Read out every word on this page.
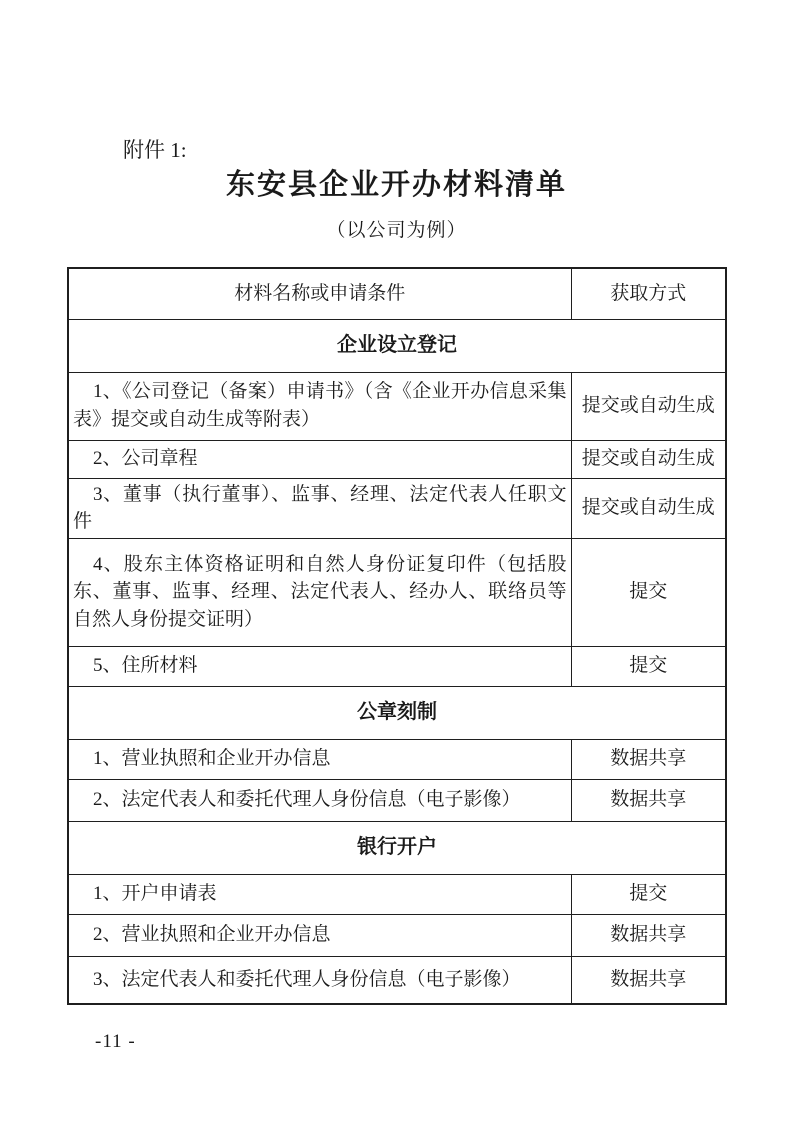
附件 1:
东安县企业开办材料清单
（以公司为例）
材料名称或申请条件	获取方式
企业设立登记	
1、《公司登记（备案）申请书》（含《企业开办信息采集表》提交或自动生成等附表）	提交或自动生成
2、公司章程	提交或自动生成
3、董事（执行董事）、监事、经理、法定代表人任职文件	提交或自动生成
4、股东主体资格证明和自然人身份证复印件（包括股东、董事、监事、经理、法定代表人、经办人、联络员等自然人身份提交证明）	提交
5、住所材料	提交
公章刻制	
1、营业执照和企业开办信息	数据共享
2、法定代表人和委托代理人身份信息（电子影像）	数据共享
银行开户	
1、开户申请表	提交
2、营业执照和企业开办信息	数据共享
3、法定代表人和委托代理人身份信息（电子影像）	数据共享
-11 -
